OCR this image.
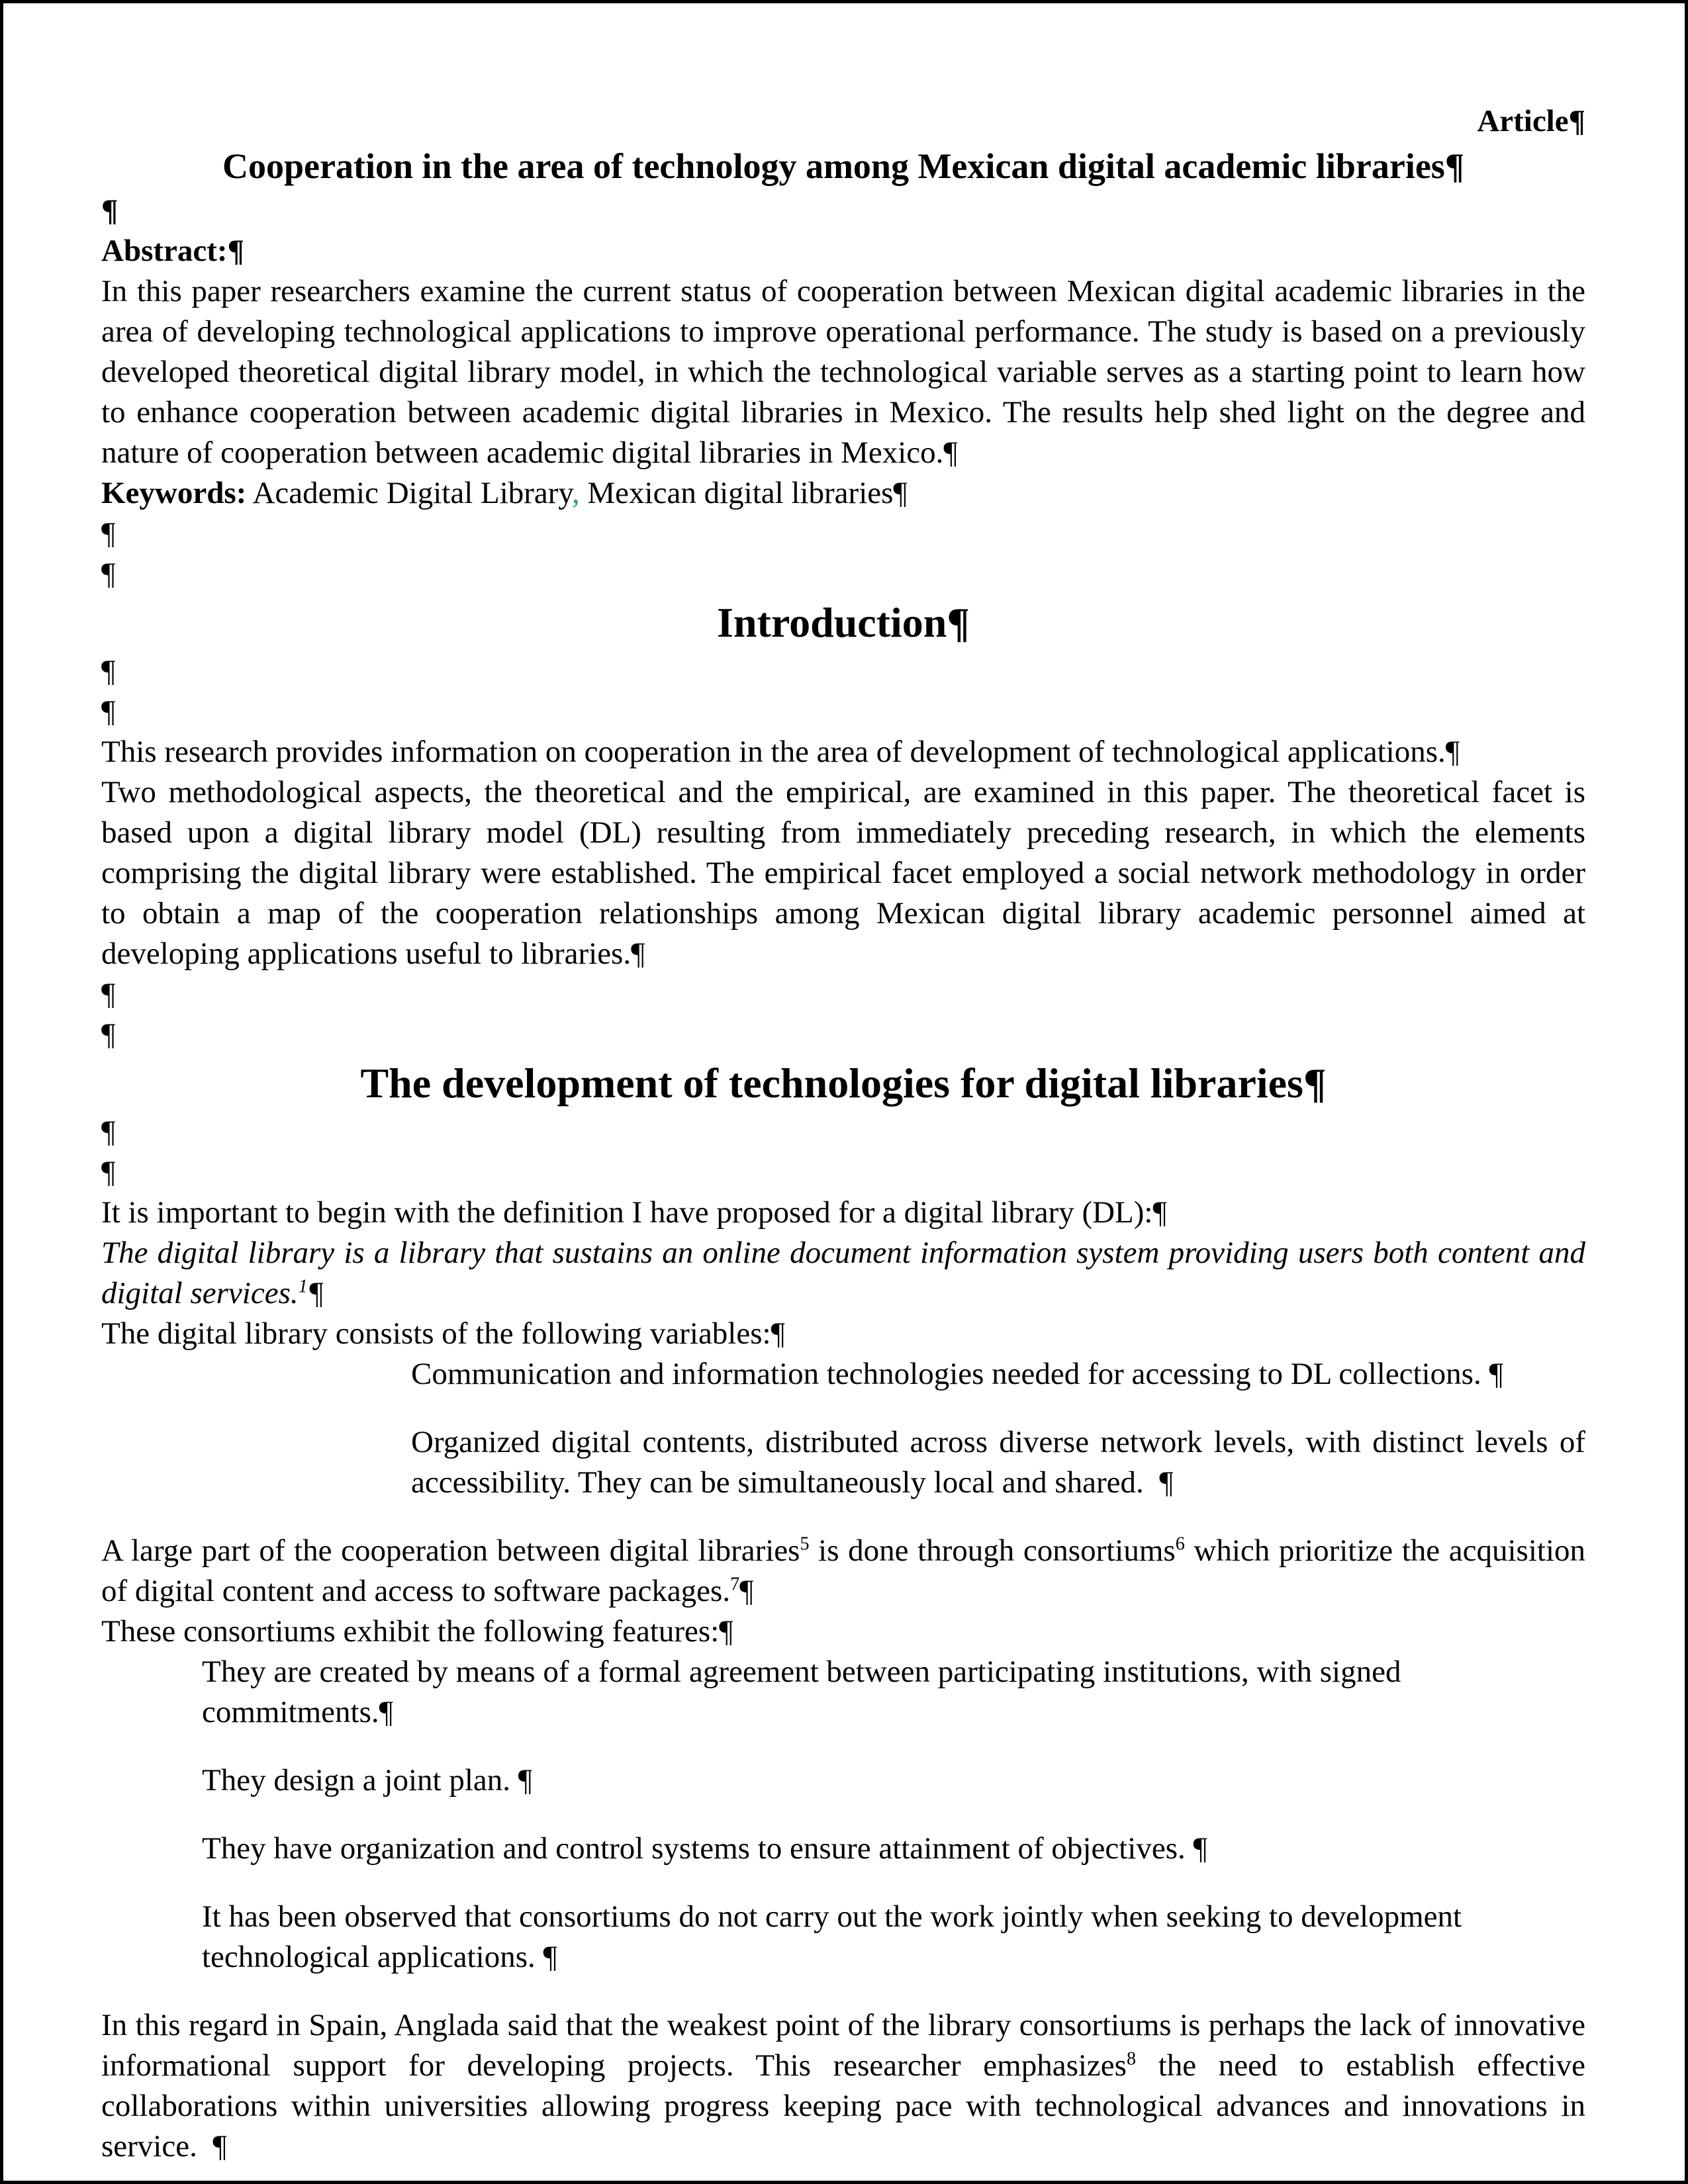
Article¶
Cooperation in the area of technology among Mexican digital academic libraries¶
¶
Abstract:¶
In this paper researchers examine the current status of cooperation between Mexican digital academic libraries in the area of developing technological applications to improve operational performance. The study is based on a previously developed theoretical digital library model, in which the technological variable serves as a starting point to learn how to enhance cooperation between academic digital libraries in Mexico. The results help shed light on the degree and nature of cooperation between academic digital libraries in Mexico.¶
Keywords: Academic Digital Library, Mexican digital libraries¶
¶
¶
Introduction¶
¶
¶
This research provides information on cooperation in the area of development of technological applications.¶
Two methodological aspects, the theoretical and the empirical, are examined in this paper. The theoretical facet is based upon a digital library model (DL) resulting from immediately preceding research, in which the elements comprising the digital library were established. The empirical facet employed a social network methodology in order to obtain a map of the cooperation relationships among Mexican digital library academic personnel aimed at developing applications useful to libraries.¶
¶
¶
The development of technologies for digital libraries¶
¶
¶
It is important to begin with the definition I have proposed for a digital library (DL):¶
The digital library is a library that sustains an online document information system providing users both content and digital services.$^1$¶
The digital library consists of the following variables:¶
Communication and information technologies needed for accessing to DL collections. ¶
Organized digital contents, distributed across diverse network levels, with distinct levels of accessibility. They can be simultaneously local and shared.  ¶
A large part of the cooperation between digital libraries$^5$ is done through consortiums$^6$ which prioritize the acquisition of digital content and access to software packages.$^7$¶
These consortiums exhibit the following features:¶
They are created by means of a formal agreement between participating institutions, with signed commitments.¶
They design a joint plan. ¶
They have organization and control systems to ensure attainment of objectives. ¶
It has been observed that consortiums do not carry out the work jointly when seeking to development technological applications. ¶
In this regard in Spain, Anglada said that the weakest point of the library consortiums is perhaps the lack of innovative informational support for developing projects. This researcher emphasizes$^8$ the need to establish effective collaborations within universities allowing progress keeping pace with technological advances and innovations in service.  ¶
